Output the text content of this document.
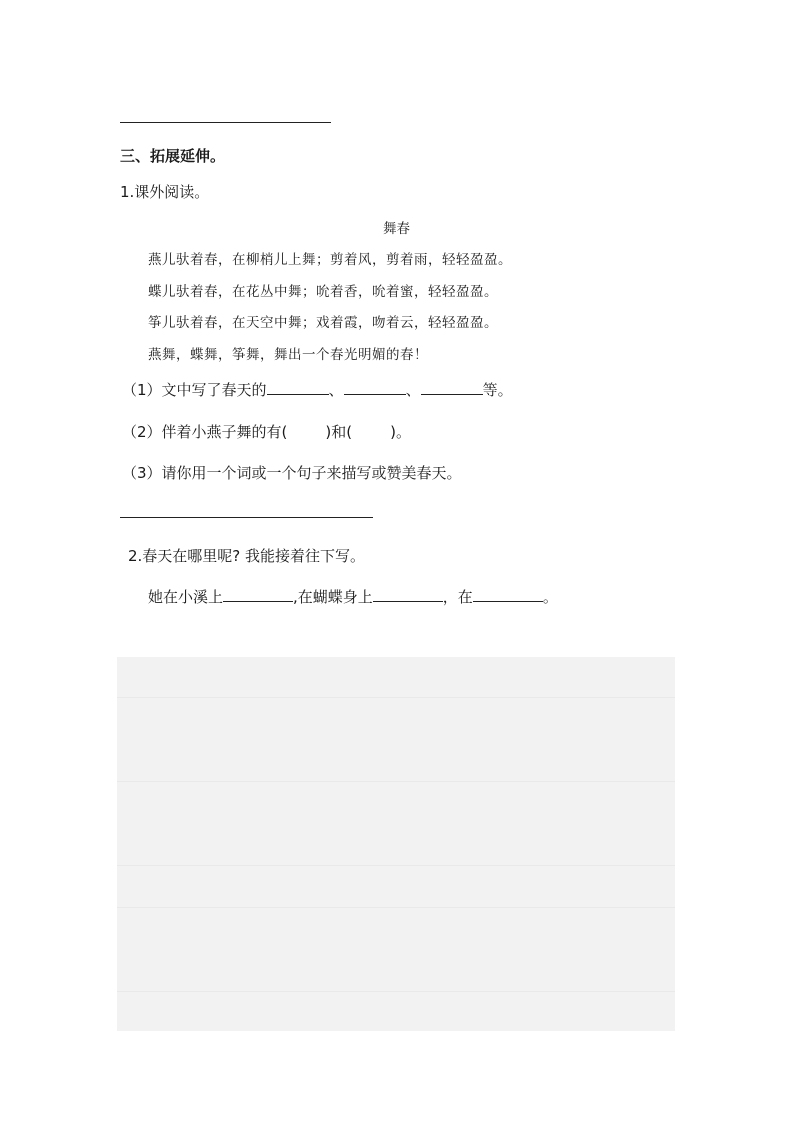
三、拓展延伸。
1.课外阅读。
舞春
燕儿驮着春，在柳梢儿上舞；剪着风，剪着雨，轻轻盈盈。
蝶儿驮着春，在花丛中舞；吮着香，吮着蜜，轻轻盈盈。
筝儿驮着春，在天空中舞；戏着霞，吻着云，轻轻盈盈。
燕舞，蝶舞，筝舞，舞出一个春光明媚的春！
（1）文中写了春天的	、	、	等。
（2）伴着小燕子舞的有(	)和(	)。
（3）请你用一个词或一个句子来描写或赞美春天。
2.春天在哪里呢? 我能接着往下写。
她在小溪上	,在蝴蝶身上	，在	。
